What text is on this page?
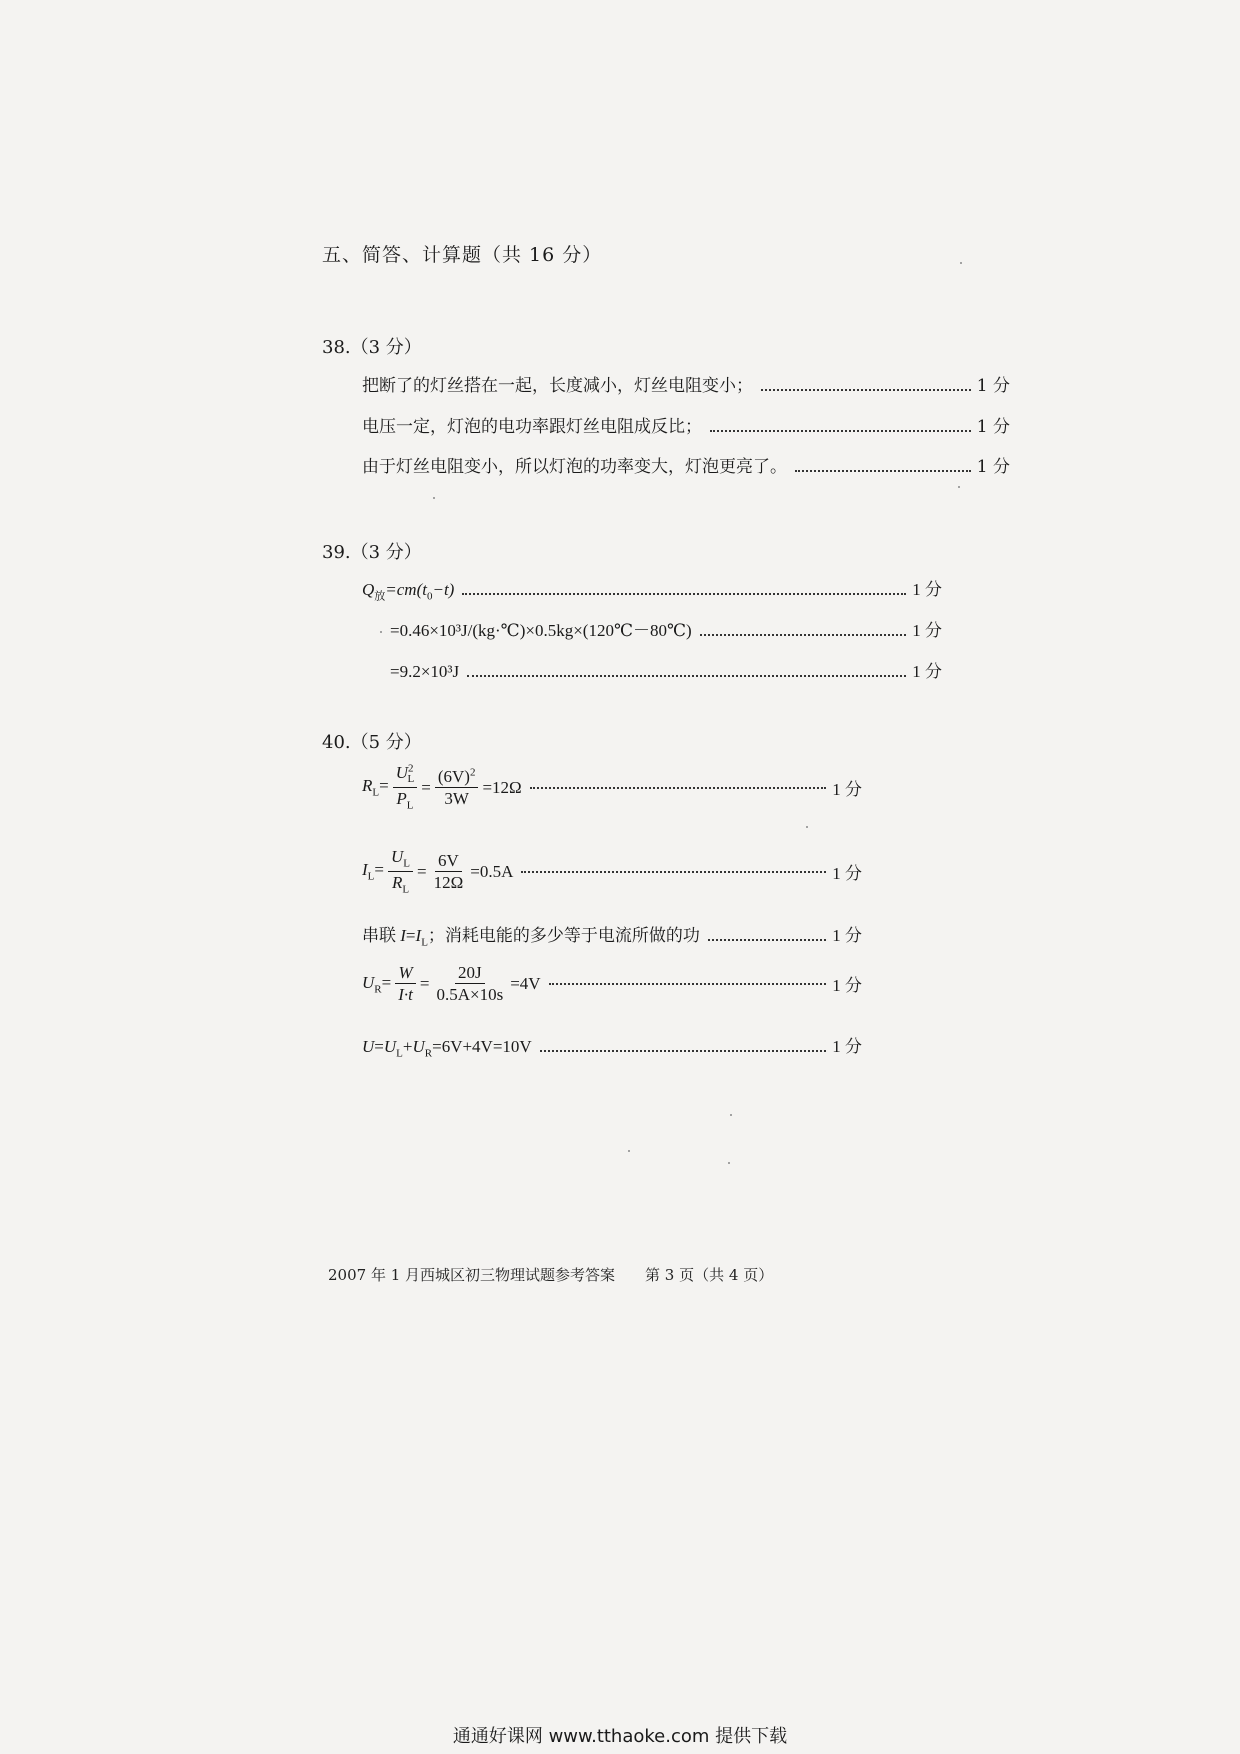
五、简答、计算题（共 16 分）
38.（3 分）
把断了的灯丝搭在一起，长度减小，灯丝电阻变小；	1 分
电压一定，灯泡的电功率跟灯丝电阻成反比；	1 分
由于灯丝电阻变小，所以灯泡的功率变大，灯泡更亮了。	1 分
39.（3 分）
$Q_放=cm(t_0-t)$	1 分
=0.46×10³J/(kg·℃)×0.5kg×(120℃－80℃)	1 分
=9.2×10³J	1 分
40.（5 分）
$R_L= \frac{U^2_L}{P_L} = \frac{(6V)^2}{3W} =12\Omega$	1 分
$I_L= \frac{U_L}{R_L} = \frac{6V}{12\Omega} =0.5A$	1 分
串联 $I=I_L$；消耗电能的多少等于电流所做的功	1 分
$U_R= \frac{W}{I\cdot t} = \frac{20J}{0.5A\times 10s} =4V$	1 分
$U=U_L+U_R=6V+4V=10V$	1 分
2007 年 1 月西城区初三物理试题参考答案 第 3 页（共 4 页）
通通好课网 www.tthaoke.com 提供下载
